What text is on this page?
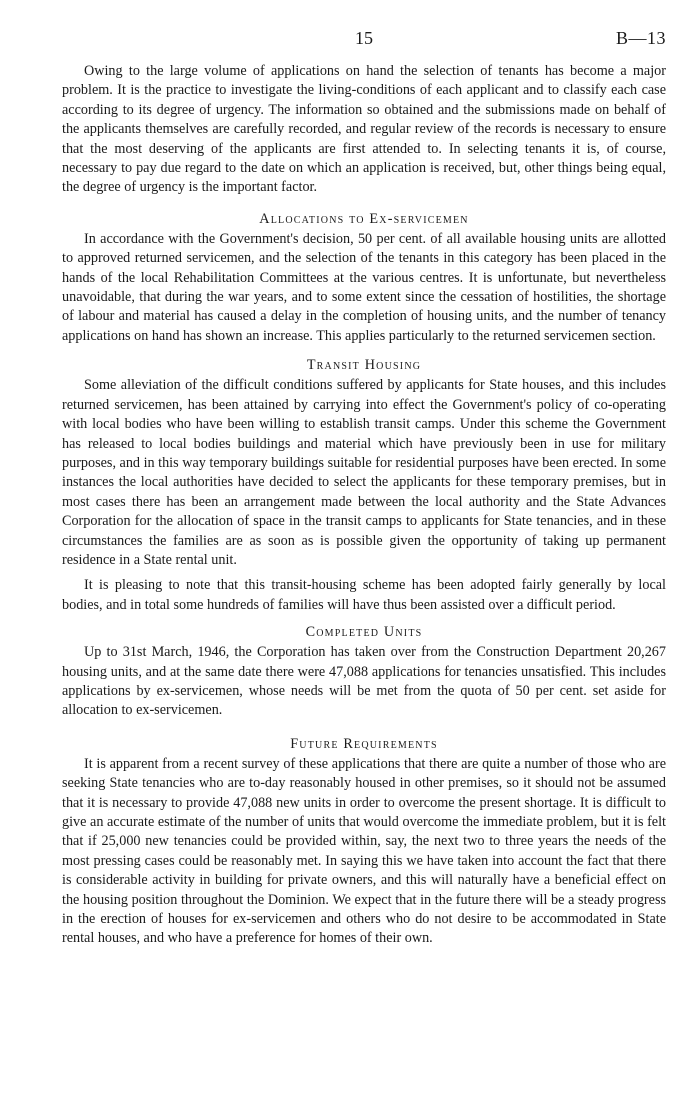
15	B—13

Owing to the large volume of applications on hand the selection of tenants has become a major problem. It is the practice to investigate the living-conditions of each applicant and to classify each case according to its degree of urgency. The information so obtained and the submissions made on behalf of the applicants themselves are carefully recorded, and regular review of the records is necessary to ensure that the most deserving of the applicants are first attended to. In selecting tenants it is, of course, necessary to pay due regard to the date on which an application is received, but, other things being equal, the degree of urgency is the important factor.

Allocations to Ex-servicemen

In accordance with the Government's decision, 50 per cent. of all available housing units are allotted to approved returned servicemen, and the selection of the tenants in this category has been placed in the hands of the local Rehabilitation Committees at the various centres. It is unfortunate, but nevertheless unavoidable, that during the war years, and to some extent since the cessation of hostilities, the shortage of labour and material has caused a delay in the completion of housing units, and the number of tenancy applications on hand has shown an increase. This applies particularly to the returned servicemen section.

Transit Housing

Some alleviation of the difficult conditions suffered by applicants for State houses, and this includes returned servicemen, has been attained by carrying into effect the Government's policy of co-operating with local bodies who have been willing to establish transit camps. Under this scheme the Government has released to local bodies buildings and material which have previously been in use for military purposes, and in this way temporary buildings suitable for residential purposes have been erected. In some instances the local authorities have decided to select the applicants for these temporary premises, but in most cases there has been an arrangement made between the local authority and the State Advances Corporation for the allocation of space in the transit camps to applicants for State tenancies, and in these circumstances the families are as soon as is possible given the opportunity of taking up permanent residence in a State rental unit.

It is pleasing to note that this transit-housing scheme has been adopted fairly generally by local bodies, and in total some hundreds of families will have thus been assisted over a difficult period.

Completed Units

Up to 31st March, 1946, the Corporation has taken over from the Construction Department 20,267 housing units, and at the same date there were 47,088 applications for tenancies unsatisfied. This includes applications by ex-servicemen, whose needs will be met from the quota of 50 per cent. set aside for allocation to ex-servicemen.

Future Requirements

It is apparent from a recent survey of these applications that there are quite a number of those who are seeking State tenancies who are to-day reasonably housed in other premises, so it should not be assumed that it is necessary to provide 47,088 new units in order to overcome the present shortage. It is difficult to give an accurate estimate of the number of units that would overcome the immediate problem, but it is felt that if 25,000 new tenancies could be provided within, say, the next two to three years the needs of the most pressing cases could be reasonably met. In saying this we have taken into account the fact that there is considerable activity in building for private owners, and this will naturally have a beneficial effect on the housing position throughout the Dominion. We expect that in the future there will be a steady progress in the erection of houses for ex-servicemen and others who do not desire to be accommodated in State rental houses, and who have a preference for homes of their own.
